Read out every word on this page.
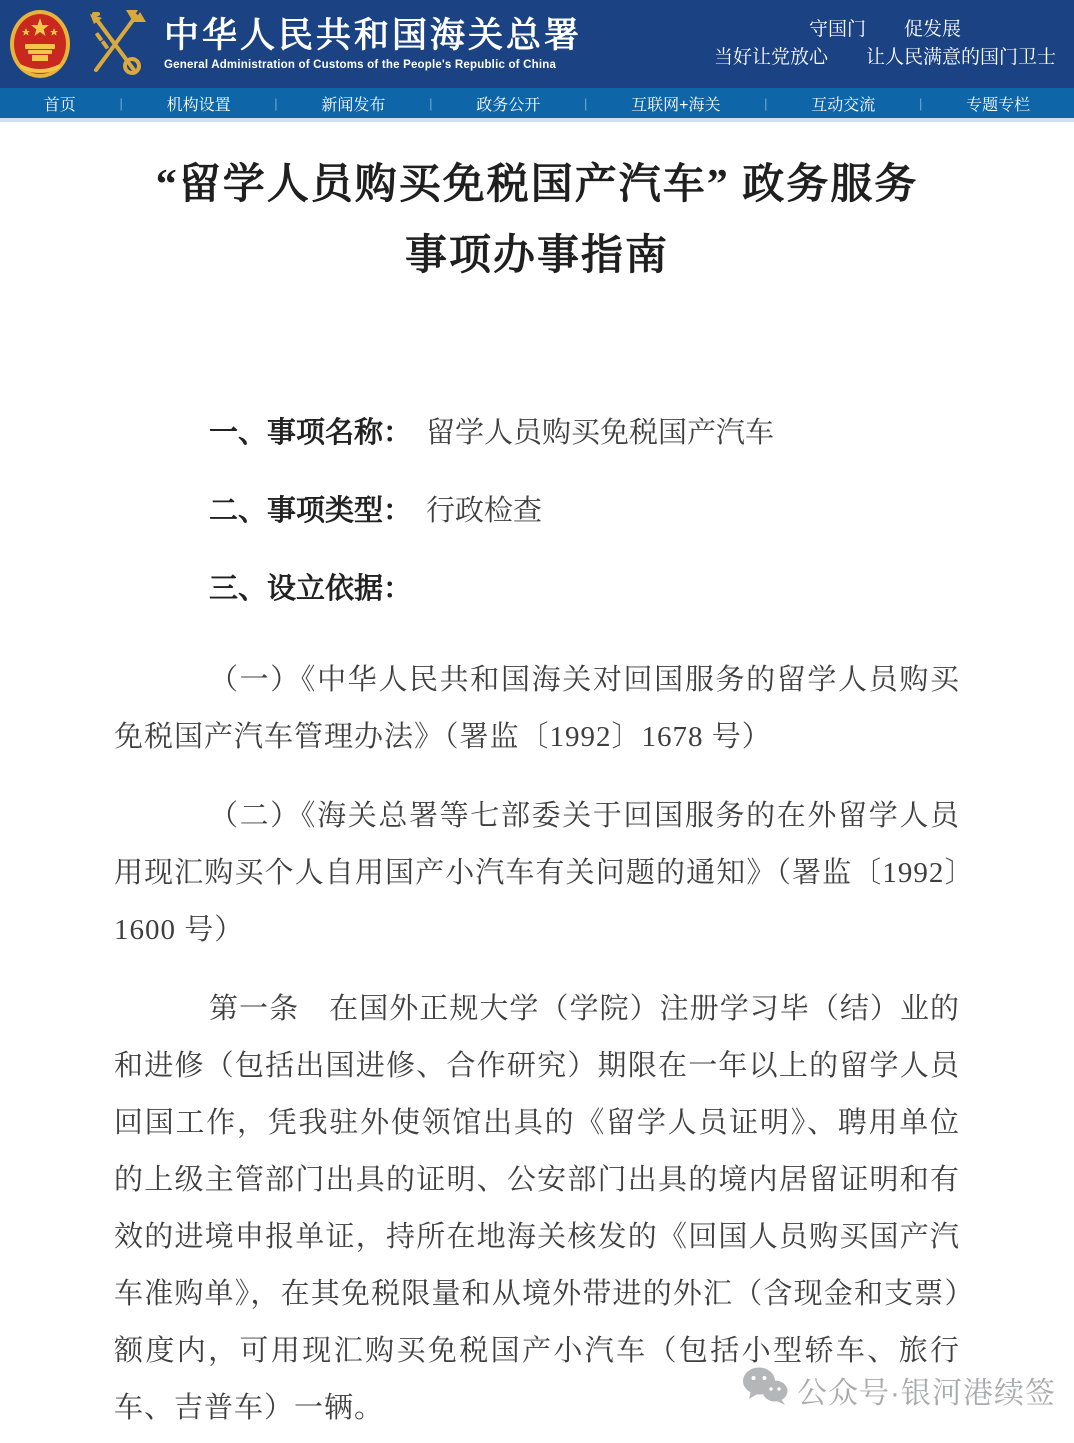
中华人民共和国海关总署
General Administration of Customs of the People's Republic of China
守国门　　促发展
当好让党放心　　让人民满意的国门卫士
首页	|	机构设置	|	新闻发布	|	政务公开	|	互联网+海关	|	互动交流	|	专题专栏
“留学人员购买免税国产汽车” 政务服务
事项办事指南
一、事项名称： 留学人员购买免税国产汽车
二、事项类型： 行政检查
三、设立依据：

（一）《中华人民共和国海关对回国服务的留学人员购买免税国产汽车管理办法》（署监〔1992〕1678 号）

（二）《海关总署等七部委关于回国服务的在外留学人员用现汇购买个人自用国产小汽车有关问题的通知》（署监〔1992〕1600 号）

第一条　在国外正规大学（学院）注册学习毕（结）业的和进修（包括出国进修、合作研究）期限在一年以上的留学人员回国工作，凭我驻外使领馆出具的《留学人员证明》、聘用单位的上级主管部门出具的证明、公安部门出具的境内居留证明和有效的进境申报单证，持所在地海关核发的《回国人员购买国产汽车准购单》，在其免税限量和从境外带进的外汇（含现金和支票）额度内，可用现汇购买免税国产小汽车（包括小型轿车、旅行车、吉普车）一辆。	公众号·银河港续签
